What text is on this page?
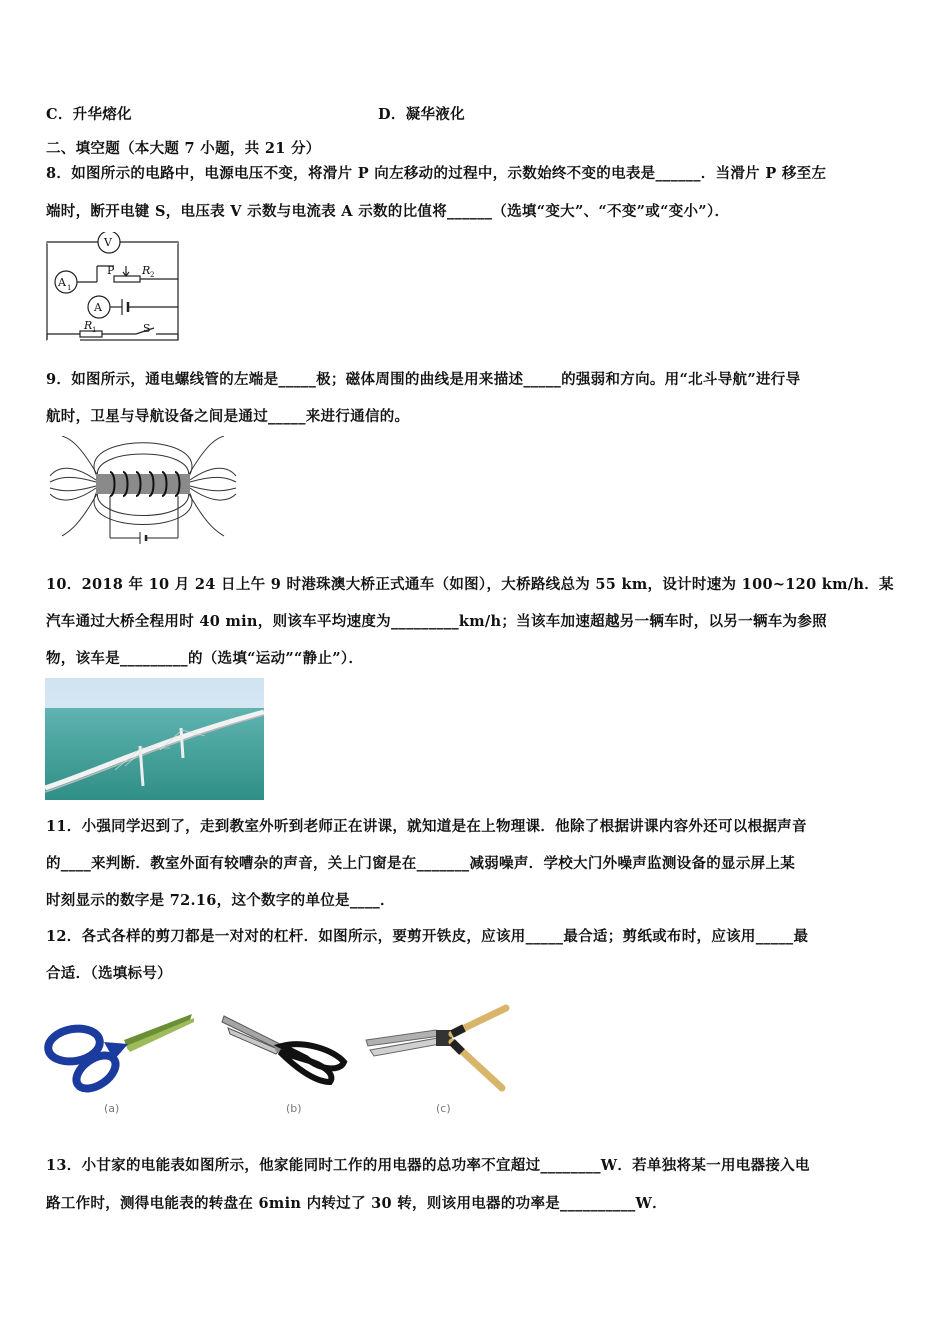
C．升华熔化	D．凝华液化
二、填空题（本大题 7 小题，共 21 分）
8．如图所示的电路中，电源电压不变，将滑片 P 向左移动的过程中，示数始终不变的电表是______．当滑片 P 移至左
端时，断开电键 S，电压表 V 示数与电流表 A 示数的比值将______（选填“变大”、“不变”或“变小”）．
V
A 1
A
P	R 2
R 1	S
9．如图所示，通电螺线管的左端是_____极；磁体周围的曲线是用来描述_____的强弱和方向。用“北斗导航”进行导
航时，卫星与导航设备之间是通过_____来进行通信的。
10．2018 年 10 月 24 日上午 9 时港珠澳大桥正式通车（如图），大桥路线总为 55 km，设计时速为 100~120 km/h．某
汽车通过大桥全程用时 40 min，则该车平均速度为_________km/h；当该车加速超越另一辆车时，以另一辆车为参照
物，该车是_________的（选填“运动”“静止”）．
11．小强同学迟到了，走到教室外听到老师正在讲课，就知道是在上物理课．他除了根据讲课内容外还可以根据声音
的____来判断．教室外面有较嘈杂的声音，关上门窗是在_______减弱噪声．学校大门外噪声监测设备的显示屏上某
时刻显示的数字是 72.16，这个数字的单位是____．
12．各式各样的剪刀都是一对对的杠杆．如图所示，要剪开铁皮，应该用_____最合适；剪纸或布时，应该用_____最
合适．（选填标号）
(a)	(b)	(c)
13．小甘家的电能表如图所示，他家能同时工作的用电器的总功率不宜超过________W．若单独将某一用电器接入电
路工作时，测得电能表的转盘在 6min 内转过了 30 转，则该用电器的功率是__________W．
